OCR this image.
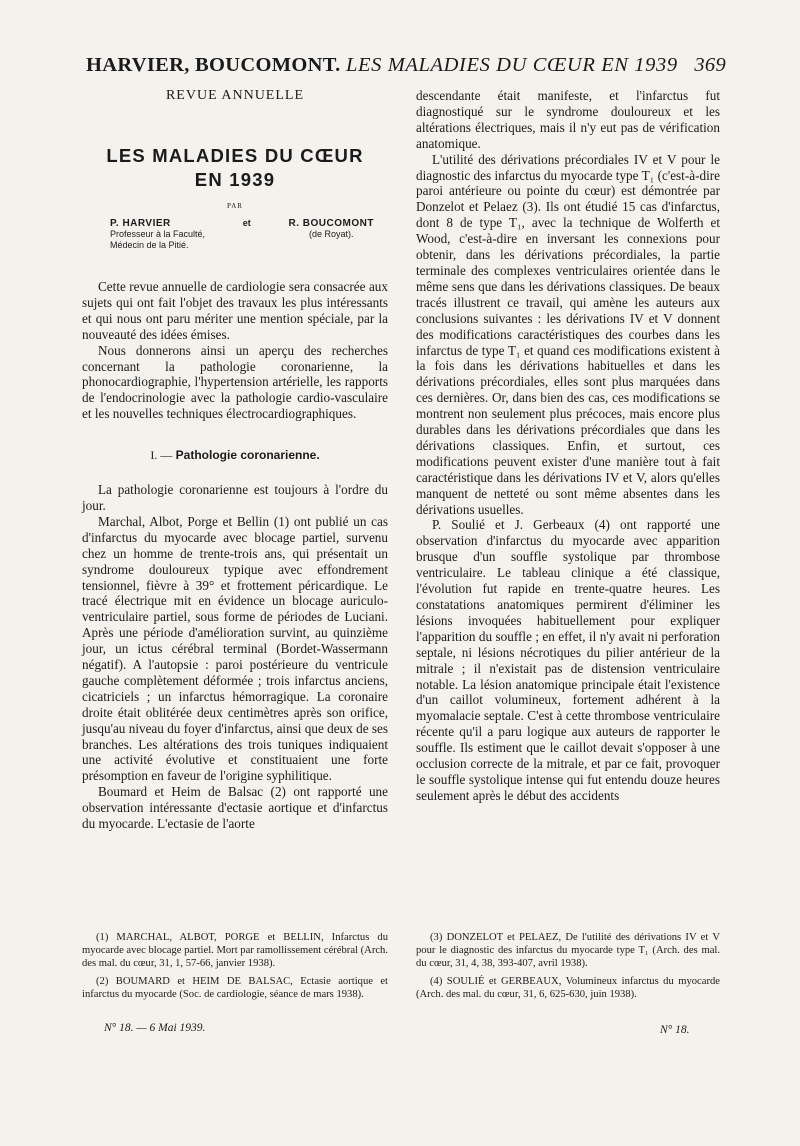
HARVIER, BOUCOMONT. LES MALADIES DU CŒUR EN 1939 369
REVUE ANNUELLE
LES MALADIES DU CŒUR
EN 1939
PAR
P. HARVIER
Professeur à la Faculté,
Médecin de la Pitié.
et	R. BOUCOMONT
(de Royat).

Cette revue annuelle de cardiologie sera consacrée aux sujets qui ont fait l'objet des travaux les plus intéressants et qui nous ont paru mériter une mention spéciale, par la nouveauté des idées émises.

Nous donnerons ainsi un aperçu des recherches concernant la pathologie coronarienne, la phonocardiographie, l'hypertension artérielle, les rapports de l'endocrinologie avec la pathologie cardio-vasculaire et les nouvelles techniques électrocardiographiques.

I. — Pathologie coronarienne.

La pathologie coronarienne est toujours à l'ordre du jour.

Marchal, Albot, Porge et Bellin (1) ont publié un cas d'infarctus du myocarde avec blocage partiel, survenu chez un homme de trente-trois ans, qui présentait un syndrome douloureux typique avec effondrement tensionnel, fièvre à 39° et frottement péricardique. Le tracé électrique mit en évidence un blocage auriculo-ventriculaire partiel, sous forme de périodes de Luciani. Après une période d'amélioration survint, au quinzième jour, un ictus cérébral terminal (Bordet-Wassermann négatif). A l'autopsie : paroi postérieure du ventricule gauche complètement déformée ; trois infarctus anciens, cicatriciels ; un infarctus hémorragique. La coronaire droite était oblitérée deux centimètres après son orifice, jusqu'au niveau du foyer d'infarctus, ainsi que deux de ses branches. Les altérations des trois tuniques indiquaient une activité évolutive et constituaient une forte présomption en faveur de l'origine syphilitique.

Boumard et Heim de Balsac (2) ont rapporté une observation intéressante d'ectasie aortique et d'infarctus du myocarde. L'ectasie de l'aorte

descendante était manifeste, et l'infarctus fut diagnostiqué sur le syndrome douloureux et les altérations électriques, mais il n'y eut pas de vérification anatomique.

L'utilité des dérivations précordiales IV et V pour le diagnostic des infarctus du myocarde type T₁ (c'est-à-dire paroi antérieure ou pointe du cœur) est démontrée par Donzelot et Pelaez (3). Ils ont étudié 15 cas d'infarctus, dont 8 de type T₁, avec la technique de Wolferth et Wood, c'est-à-dire en inversant les connexions pour obtenir, dans les dérivations précordiales, la partie terminale des complexes ventriculaires orientée dans le même sens que dans les dérivations classiques. De beaux tracés illustrent ce travail, qui amène les auteurs aux conclusions suivantes : les dérivations IV et V donnent des modifications caractéristiques des courbes dans les infarctus de type T₁ et quand ces modifications existent à la fois dans les dérivations habituelles et dans les dérivations précordiales, elles sont plus marquées dans ces dernières. Or, dans bien des cas, ces modifications se montrent non seulement plus précoces, mais encore plus durables dans les dérivations précordiales que dans les dérivations classiques. Enfin, et surtout, ces modifications peuvent exister d'une manière tout à fait caractéristique dans les dérivations IV et V, alors qu'elles manquent de netteté ou sont même absentes dans les dérivations usuelles.

P. Soulié et J. Gerbeaux (4) ont rapporté une observation d'infarctus du myocarde avec apparition brusque d'un souffle systolique par thrombose ventriculaire. Le tableau clinique a été classique, l'évolution fut rapide en trente-quatre heures. Les constatations anatomiques permirent d'éliminer les lésions invoquées habituellement pour expliquer l'apparition du souffle ; en effet, il n'y avait ni perforation septale, ni lésions nécrotiques du pilier antérieur de la mitrale ; il n'existait pas de distension ventriculaire notable. La lésion anatomique principale était l'existence d'un caillot volumineux, fortement adhérent à la myomalacie septale. C'est à cette thrombose ventriculaire récente qu'il a paru logique aux auteurs de rapporter le souffle. Ils estiment que le caillot devait s'opposer à une occlusion correcte de la mitrale, et par ce fait, provoquer le souffle systolique intense qui fut entendu douze heures seulement après le début des accidents

(1) MARCHAL, ALBOT, PORGE et BELLIN, Infarctus du myocarde avec blocage partiel. Mort par ramollissement cérébral (Arch. des mal. du cœur, 31, 1, 57-66, janvier 1938).

(2) BOUMARD et HEIM DE BALSAC, Ectasie aortique et infarctus du myocarde (Soc. de cardiologie, séance de mars 1938).

(3) DONZELOT et PELAEZ, De l'utilité des dérivations IV et V pour le diagnostic des infarctus du myocarde type T₁ (Arch. des mal. du cœur, 31, 4, 38, 393-407, avril 1938).

(4) SOULIÉ et GERBEAUX, Volumineux infarctus du myocarde (Arch. des mal. du cœur, 31, 6, 625-630, juin 1938).

N° 18. — 6 Mai 1939.	N° 18.
